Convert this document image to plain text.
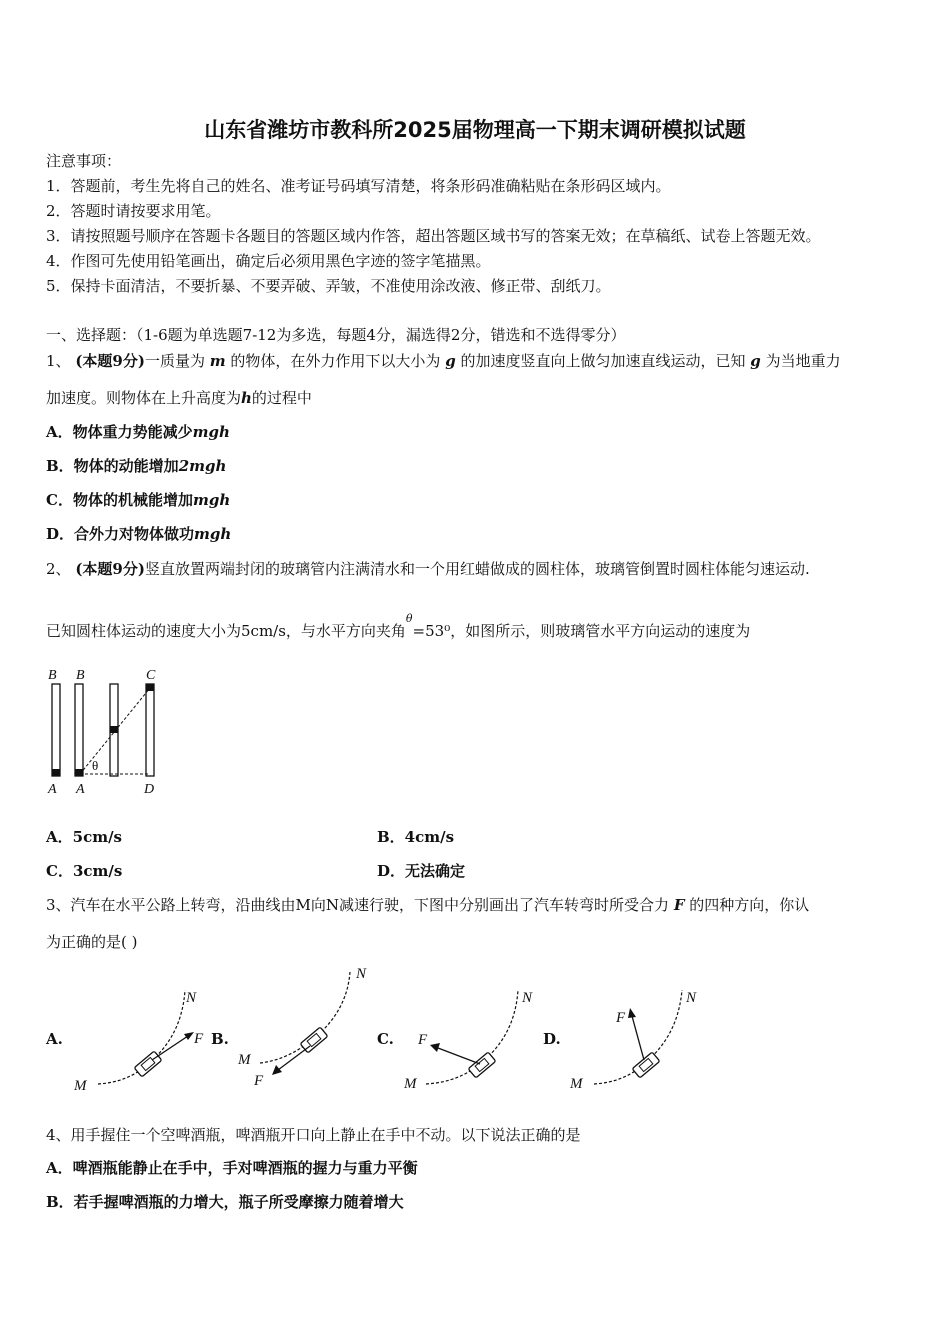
山东省潍坊市教科所2025届物理高一下期末调研模拟试题
注意事项：
1．答题前，考生先将自己的姓名、准考证号码填写清楚，将条形码准确粘贴在条形码区域内。
2．答题时请按要求用笔。
3．请按照题号顺序在答题卡各题目的答题区域内作答，超出答题区域书写的答案无效；在草稿纸、试卷上答题无效。
4．作图可先使用铅笔画出，确定后必须用黑色字迹的签字笔描黑。
5．保持卡面清洁，不要折暴、不要弄破、弄皱，不准使用涂改液、修正带、刮纸刀。
一、选择题：（1-6题为单选题7-12为多选，每题4分，漏选得2分，错选和不选得零分）
1、 (本题9分)一质量为 m 的物体，在外力作用下以大小为 g 的加速度竖直向上做匀加速直线运动，已知 g 为当地重力
加速度。则物体在上升高度为h的过程中
A．物体重力势能减少mgh
B．物体的动能增加2mgh
C．物体的机械能增加mgh
D．合外力对物体做功mgh
2、 (本题9分)竖直放置两端封闭的玻璃管内注满清水和一个用红蜡做成的圆柱体，玻璃管倒置时圆柱体能匀速运动.
已知圆柱体运动的速度大小为5cm/s，与水平方向夹角$^\theta$=53⁰，如图所示，则玻璃管水平方向运动的速度为
B B	C
A A	D
θ
A．5cm/s	B．4cm/s
C．3cm/s	D．无法确定
3、汽车在水平公路上转弯，沿曲线由M向N减速行驶，下图中分别画出了汽车转弯时所受合力 F 的四种方向，你认
为正确的是( )
A.	B.	C.	D.
M
N
F
M
N
F	M
N
F
M
N
F
4、用手握住一个空啤酒瓶，啤酒瓶开口向上静止在手中不动。以下说法正确的是
A．啤酒瓶能静止在手中，手对啤酒瓶的握力与重力平衡
B．若手握啤酒瓶的力增大，瓶子所受摩擦力随着增大
